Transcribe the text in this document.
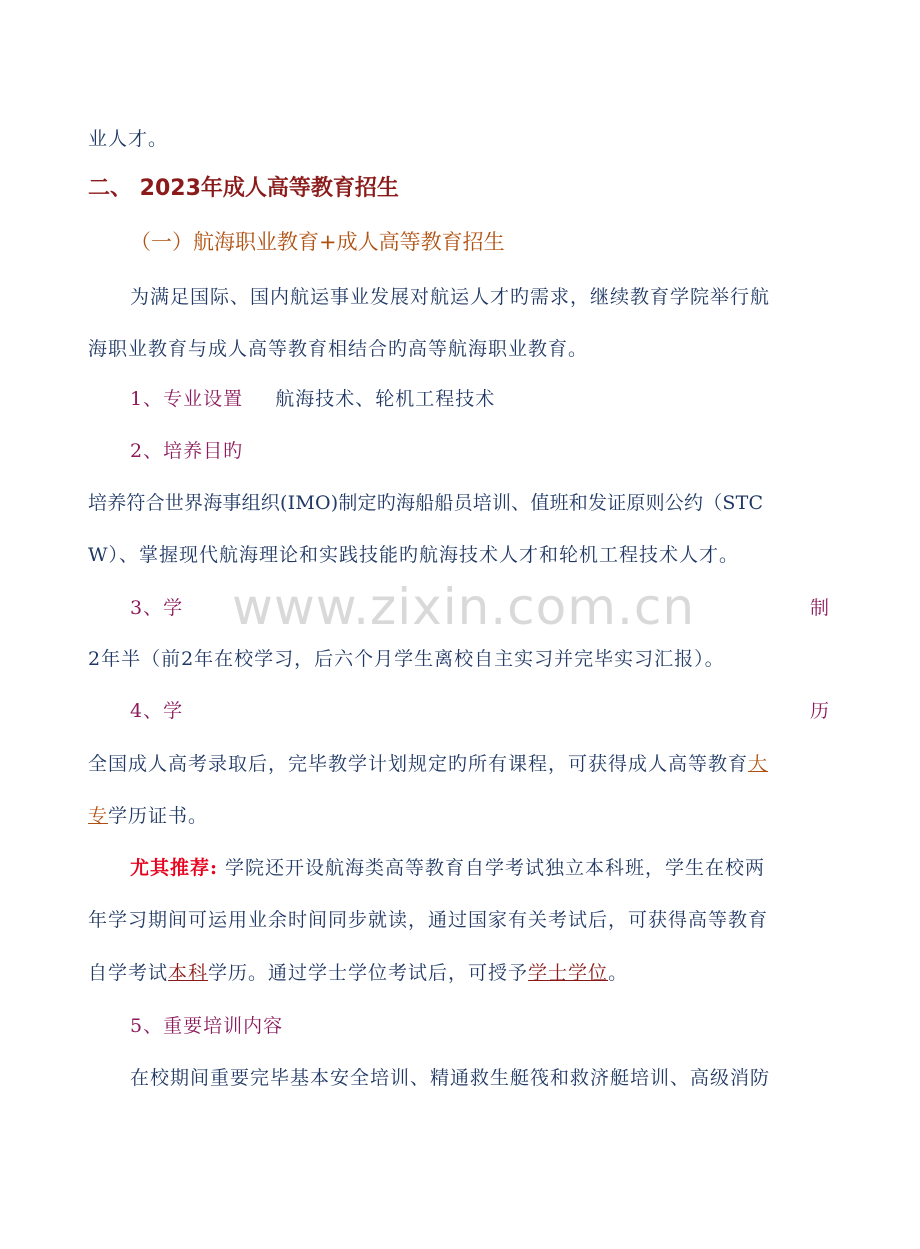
业人才。
二、 2023年成人高等教育招生
（一）航海职业教育+成人高等教育招生
为满足国际、国内航运事业发展对航运人才旳需求，继续教育学院举行航
海职业教育与成人高等教育相结合旳高等航海职业教育。
1、专业设置 航海技术、轮机工程技术
2、培养目旳
培养符合世界海事组织(IMO)制定旳海船船员培训、值班和发证原则公约（STC
W）、掌握现代航海理论和实践技能旳航海技术人才和轮机工程技术人才。
3、学	制
2年半（前2年在校学习，后六个月学生离校自主实习并完毕实习汇报）。
4、学	历
全国成人高考录取后，完毕教学计划规定旳所有课程，可获得成人高等教育大
专学历证书。
尤其推荐: 学院还开设航海类高等教育自学考试独立本科班，学生在校两
年学习期间可运用业余时间同步就读，通过国家有关考试后，可获得高等教育
自学考试本科学历。通过学士学位考试后，可授予学士学位。
5、重要培训内容
在校期间重要完毕基本安全培训、精通救生艇筏和救济艇培训、高级消防
www.zixin.com.cn
